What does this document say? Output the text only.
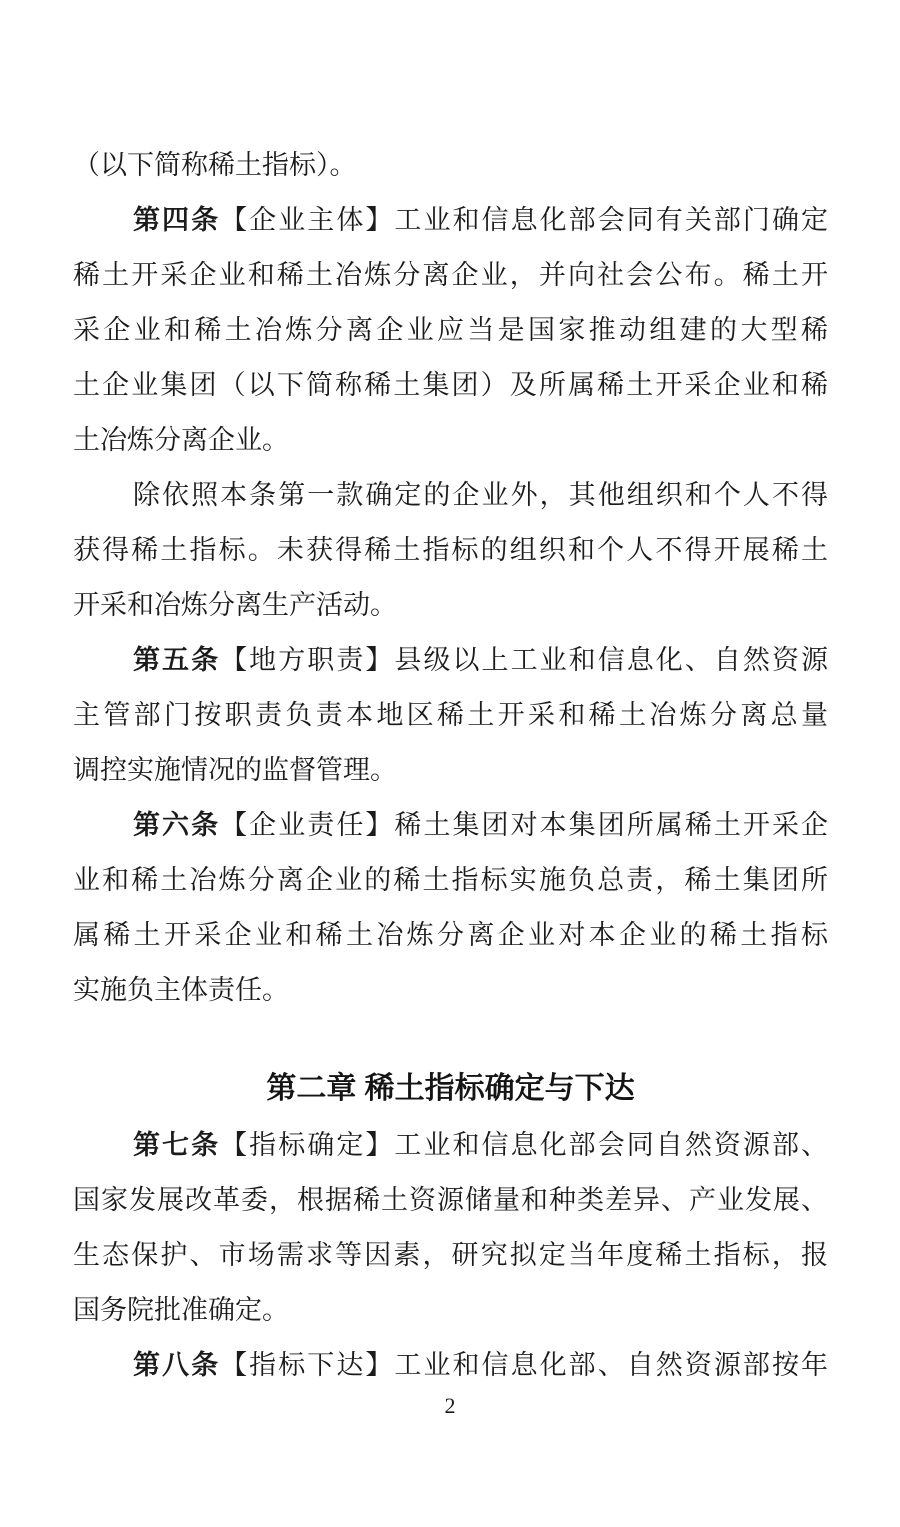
（以下简称稀土指标）。
第四条【企业主体】工业和信息化部会同有关部门确定
稀土开采企业和稀土冶炼分离企业，并向社会公布。稀土开
采企业和稀土冶炼分离企业应当是国家推动组建的大型稀
土企业集团（以下简称稀土集团）及所属稀土开采企业和稀
土冶炼分离企业。
除依照本条第一款确定的企业外，其他组织和个人不得
获得稀土指标。未获得稀土指标的组织和个人不得开展稀土
开采和冶炼分离生产活动。
第五条【地方职责】县级以上工业和信息化、自然资源
主管部门按职责负责本地区稀土开采和稀土冶炼分离总量
调控实施情况的监督管理。
第六条【企业责任】稀土集团对本集团所属稀土开采企
业和稀土冶炼分离企业的稀土指标实施负总责，稀土集团所
属稀土开采企业和稀土冶炼分离企业对本企业的稀土指标
实施负主体责任。
第二章 稀土指标确定与下达
第七条【指标确定】工业和信息化部会同自然资源部、
国家发展改革委，根据稀土资源储量和种类差异、产业发展、
生态保护、市场需求等因素，研究拟定当年度稀土指标，报
国务院批准确定。
第八条【指标下达】工业和信息化部、自然资源部按年
2
